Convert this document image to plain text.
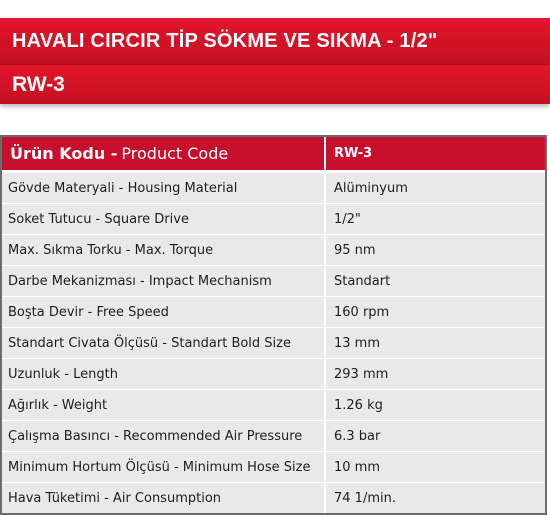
HAVALI CIRCIR TİP SÖKME VE SIKMA - 1/2"
RW-3
Ürün Kodu - Product Code	RW-3
Gövde Materyali - Housing Material	Alüminyum
Soket Tutucu - Square Drive	1/2"
Max. Sıkma Torku - Max. Torque	95 nm
Darbe Mekanizması - Impact Mechanism	Standart
Boşta Devir - Free Speed	160 rpm
Standart Civata Ölçüsü - Standart Bold Size	13 mm
Uzunluk - Length	293 mm
Ağırlık - Weight	1.26 kg
Çalışma Basıncı - Recommended Air Pressure	6.3 bar
Minimum Hortum Ölçüsü - Minimum Hose Size	10 mm
Hava Tüketimi - Air Consumption	74 1/min.
